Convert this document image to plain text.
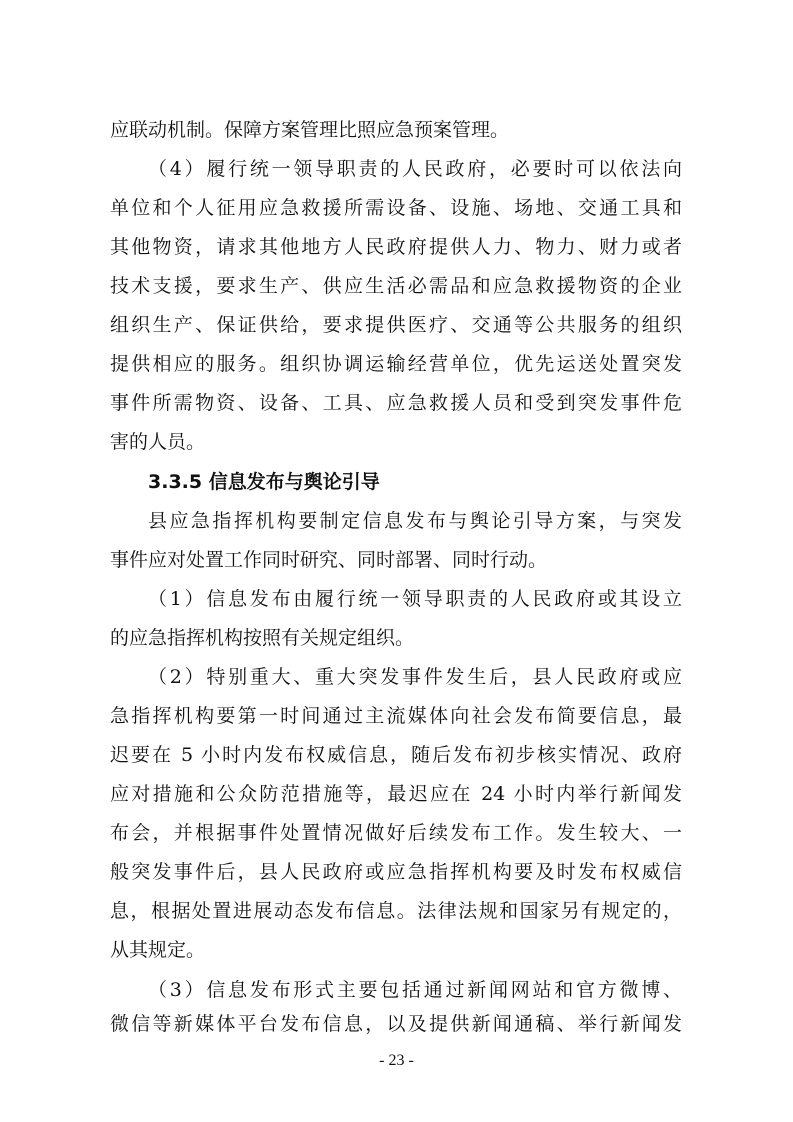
应联动机制。保障方案管理比照应急预案管理。

（4）履行统一领导职责的人民政府，必要时可以依法向

单位和个人征用应急救援所需设备、设施、场地、交通工具和

其他物资，请求其他地方人民政府提供人力、物力、财力或者

技术支援，要求生产、供应生活必需品和应急救援物资的企业

组织生产、保证供给，要求提供医疗、交通等公共服务的组织

提供相应的服务。组织协调运输经营单位，优先运送处置突发

事件所需物资、设备、工具、应急救援人员和受到突发事件危

害的人员。

3.3.5 信息发布与舆论引导

县应急指挥机构要制定信息发布与舆论引导方案，与突发

事件应对处置工作同时研究、同时部署、同时行动。

（1）信息发布由履行统一领导职责的人民政府或其设立

的应急指挥机构按照有关规定组织。

（2）特别重大、重大突发事件发生后，县人民政府或应

急指挥机构要第一时间通过主流媒体向社会发布简要信息，最

迟要在 5 小时内发布权威信息，随后发布初步核实情况、政府

应对措施和公众防范措施等，最迟应在 24 小时内举行新闻发

布会，并根据事件处置情况做好后续发布工作。发生较大、一

般突发事件后，县人民政府或应急指挥机构要及时发布权威信

息，根据处置进展动态发布信息。法律法规和国家另有规定的，

从其规定。

（3）信息发布形式主要包括通过新闻网站和官方微博、

微信等新媒体平台发布信息，以及提供新闻通稿、举行新闻发

- 23 -
